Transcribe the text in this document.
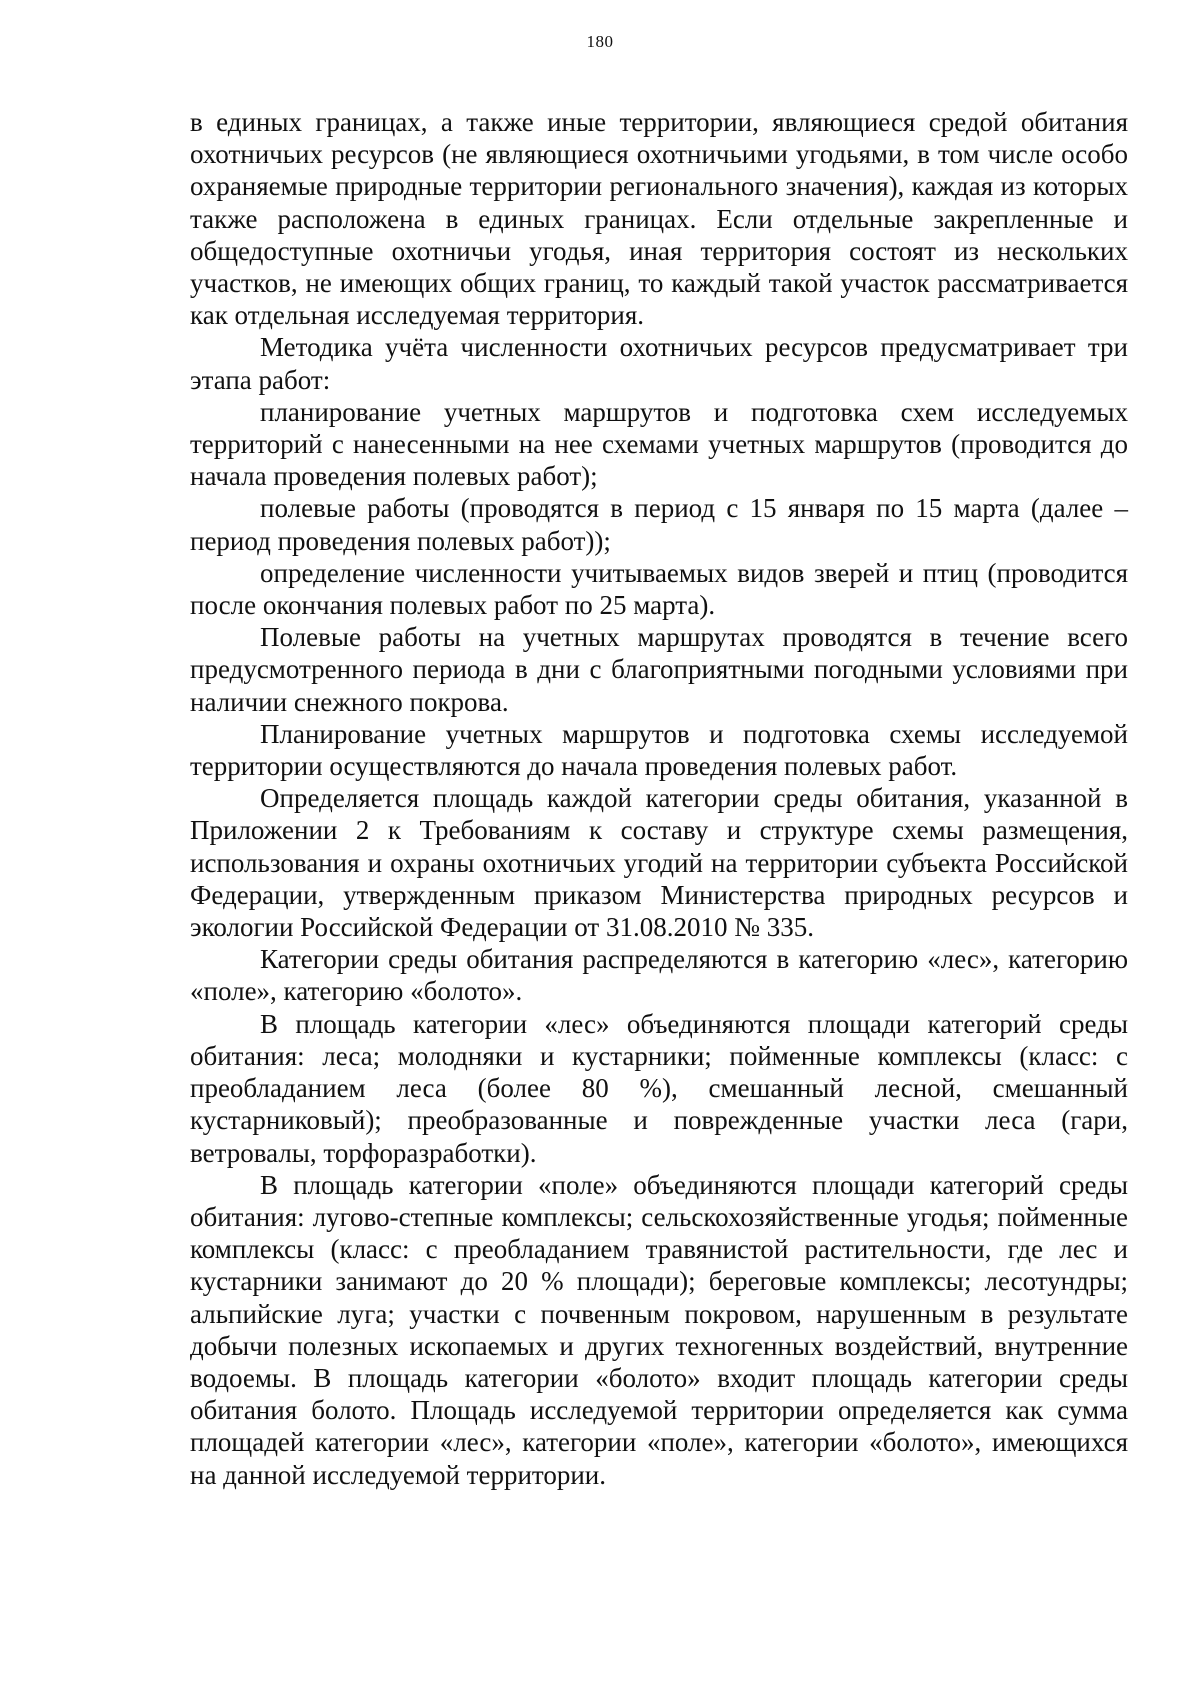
180

в единых границах, а также иные территории, являющиеся средой обитания охотничьих ресурсов (не являющиеся охотничьими угодьями, в том числе особо охраняемые природные территории регионального значения), каждая из которых также расположена в единых границах. Если отдельные закрепленные и общедоступные охотничьи угодья, иная территория состоят из нескольких участков, не имеющих общих границ, то каждый такой участок рассматривается как отдельная исследуемая территория.

Методика учёта численности охотничьих ресурсов предусматривает три этапа работ:

планирование учетных маршрутов и подготовка схем исследуемых территорий с нанесенными на нее схемами учетных маршрутов (проводится до начала проведения полевых работ);

полевые работы (проводятся в период с 15 января по 15 марта (далее – период проведения полевых работ));

определение численности учитываемых видов зверей и птиц (проводится после окончания полевых работ по 25 марта).

Полевые работы на учетных маршрутах проводятся в течение всего предусмотренного периода в дни с благоприятными погодными условиями при наличии снежного покрова.

Планирование учетных маршрутов и подготовка схемы исследуемой территории осуществляются до начала проведения полевых работ.

Определяется площадь каждой категории среды обитания, указанной в Приложении 2 к Требованиям к составу и структуре схемы размещения, использования и охраны охотничьих угодий на территории субъекта Российской Федерации, утвержденным приказом Министерства природных ресурсов и экологии Российской Федерации от 31.08.2010 № 335.

Категории среды обитания распределяются в категорию «лес», категорию «поле», категорию «болото».

В площадь категории «лес» объединяются площади категорий среды обитания: леса; молодняки и кустарники; пойменные комплексы (класс: с преобладанием леса (более 80 %), смешанный лесной, смешанный кустарниковый); преобразованные и поврежденные участки леса (гари, ветровалы, торфоразработки).

В площадь категории «поле» объединяются площади категорий среды обитания: лугово-степные комплексы; сельскохозяйственные угодья; пойменные комплексы (класс: с преобладанием травянистой растительности, где лес и кустарники занимают до 20 % площади); береговые комплексы; лесотундры; альпийские луга; участки с почвенным покровом, нарушенным в результате добычи полезных ископаемых и других техногенных воздействий, внутренние водоемы. В площадь категории «болото» входит площадь категории среды обитания болото. Площадь исследуемой территории определяется как сумма площадей категории «лес», категории «поле», категории «болото», имеющихся на данной исследуемой территории.
